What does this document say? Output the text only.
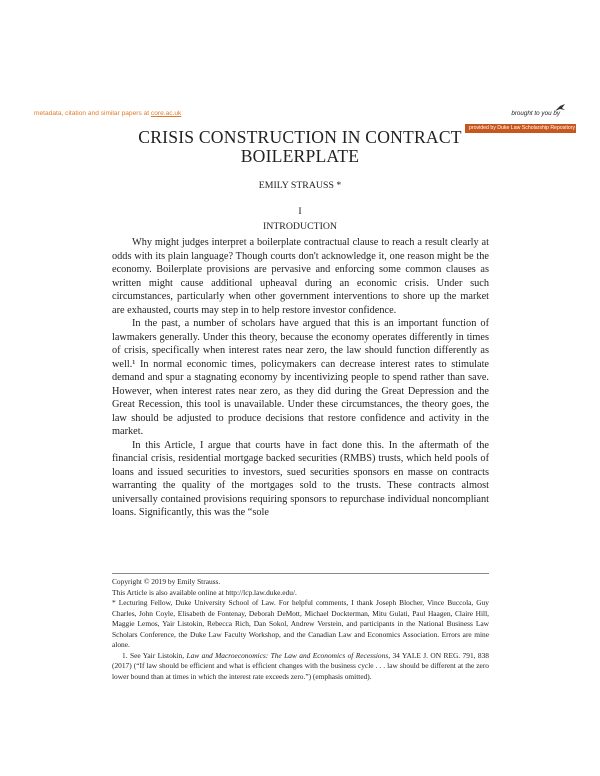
metadata, citation and similar papers at core.ac.uk	brought to you by
provided by Duke Law Scholarship Repository
CRISIS CONSTRUCTION IN CONTRACT
BOILERPLATE
EMILY STRAUSS *
I
INTRODUCTION

Why might judges interpret a boilerplate contractual clause to reach a result clearly at odds with its plain language? Though courts don't acknowledge it, one reason might be the economy. Boilerplate provisions are pervasive and enforcing some common clauses as written might cause additional upheaval during an economic crisis. Under such circumstances, particularly when other government interventions to shore up the market are exhausted, courts may step in to help restore investor confidence.

In the past, a number of scholars have argued that this is an important function of lawmakers generally. Under this theory, because the economy operates differently in times of crisis, specifically when interest rates near zero, the law should function differently as well.¹ In normal economic times, policymakers can decrease interest rates to stimulate demand and spur a stagnating economy by incentivizing people to spend rather than save. However, when interest rates near zero, as they did during the Great Depression and the Great Recession, this tool is unavailable. Under these circumstances, the theory goes, the law should be adjusted to produce decisions that restore confidence and activity in the market.

In this Article, I argue that courts have in fact done this. In the aftermath of the financial crisis, residential mortgage backed securities (RMBS) trusts, which held pools of loans and issued securities to investors, sued securities sponsors en masse on contracts warranting the quality of the mortgages sold to the trusts. These contracts almost universally contained provisions requiring sponsors to repurchase individual noncompliant loans. Significantly, this was the “sole

Copyright © 2019 by Emily Strauss.

This Article is also available online at http://lcp.law.duke.edu/.

* Lecturing Fellow, Duke University School of Law. For helpful comments, I thank Joseph Blocher, Vince Buccola, Guy Charles, John Coyle, Elisabeth de Fontenay, Deborah DeMott, Michael Dockterman, Mitu Gulati, Paul Haagen, Claire Hill, Maggie Lemos, Yair Listokin, Rebecca Rich, Dan Sokol, Andrew Verstein, and participants in the National Business Law Scholars Conference, the Duke Law Faculty Workshop, and the Canadian Law and Economics Association. Errors are mine alone.

1. See Yair Listokin, Law and Macroeconomics: The Law and Economics of Recessions, 34 YALE J. ON REG. 791, 838 (2017) (“If law should be efficient and what is efficient changes with the business cycle . . . law should be different at the zero lower bound than at times in which the interest rate exceeds zero.”) (emphasis omitted).
